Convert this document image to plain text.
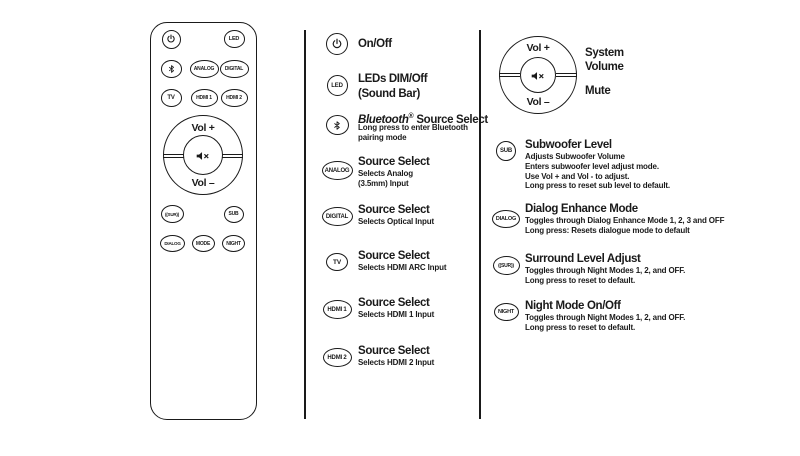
LED
ANALOG DIGITAL
TV	HDMI 1	HDMI 2
Vol +
Vol –
((SUR))	SUB
DIALOG	MODE	NIGHT
On/Off
LED
LEDs DIM/Off
(Sound Bar)
Bluetooth® Source Select
Long press to enter Bluetooth
pairing mode
ANALOG
Source Select
Selects Analog
(3.5mm) Input
DIGITAL
Source Select
Selects Optical Input
TV Source Select
Selects HDMI ARC Input
HDMI 1
Source Select
Selects HDMI 1 Input
HDMI 2
Source Select
Selects HDMI 2 Input
Vol +
Vol –
System
Volume
Mute
SUB Subwoofer Level
Adjusts Subwoofer Volume
Enters subwoofer level adjust mode.
Use Vol + and Vol - to adjust.
Long press to reset sub level to default.
DIALOG
Dialog Enhance Mode
Toggles through Dialog Enhance Mode 1, 2, 3 and OFF
Long press: Resets dialogue mode to default
((SUR))
Surround Level Adjust
Toggles through Night Modes 1, 2, and OFF.
Long press to reset to default.
NIGHT Night Mode On/Off
Toggles through Night Modes 1, 2, and OFF.
Long press to reset to default.
